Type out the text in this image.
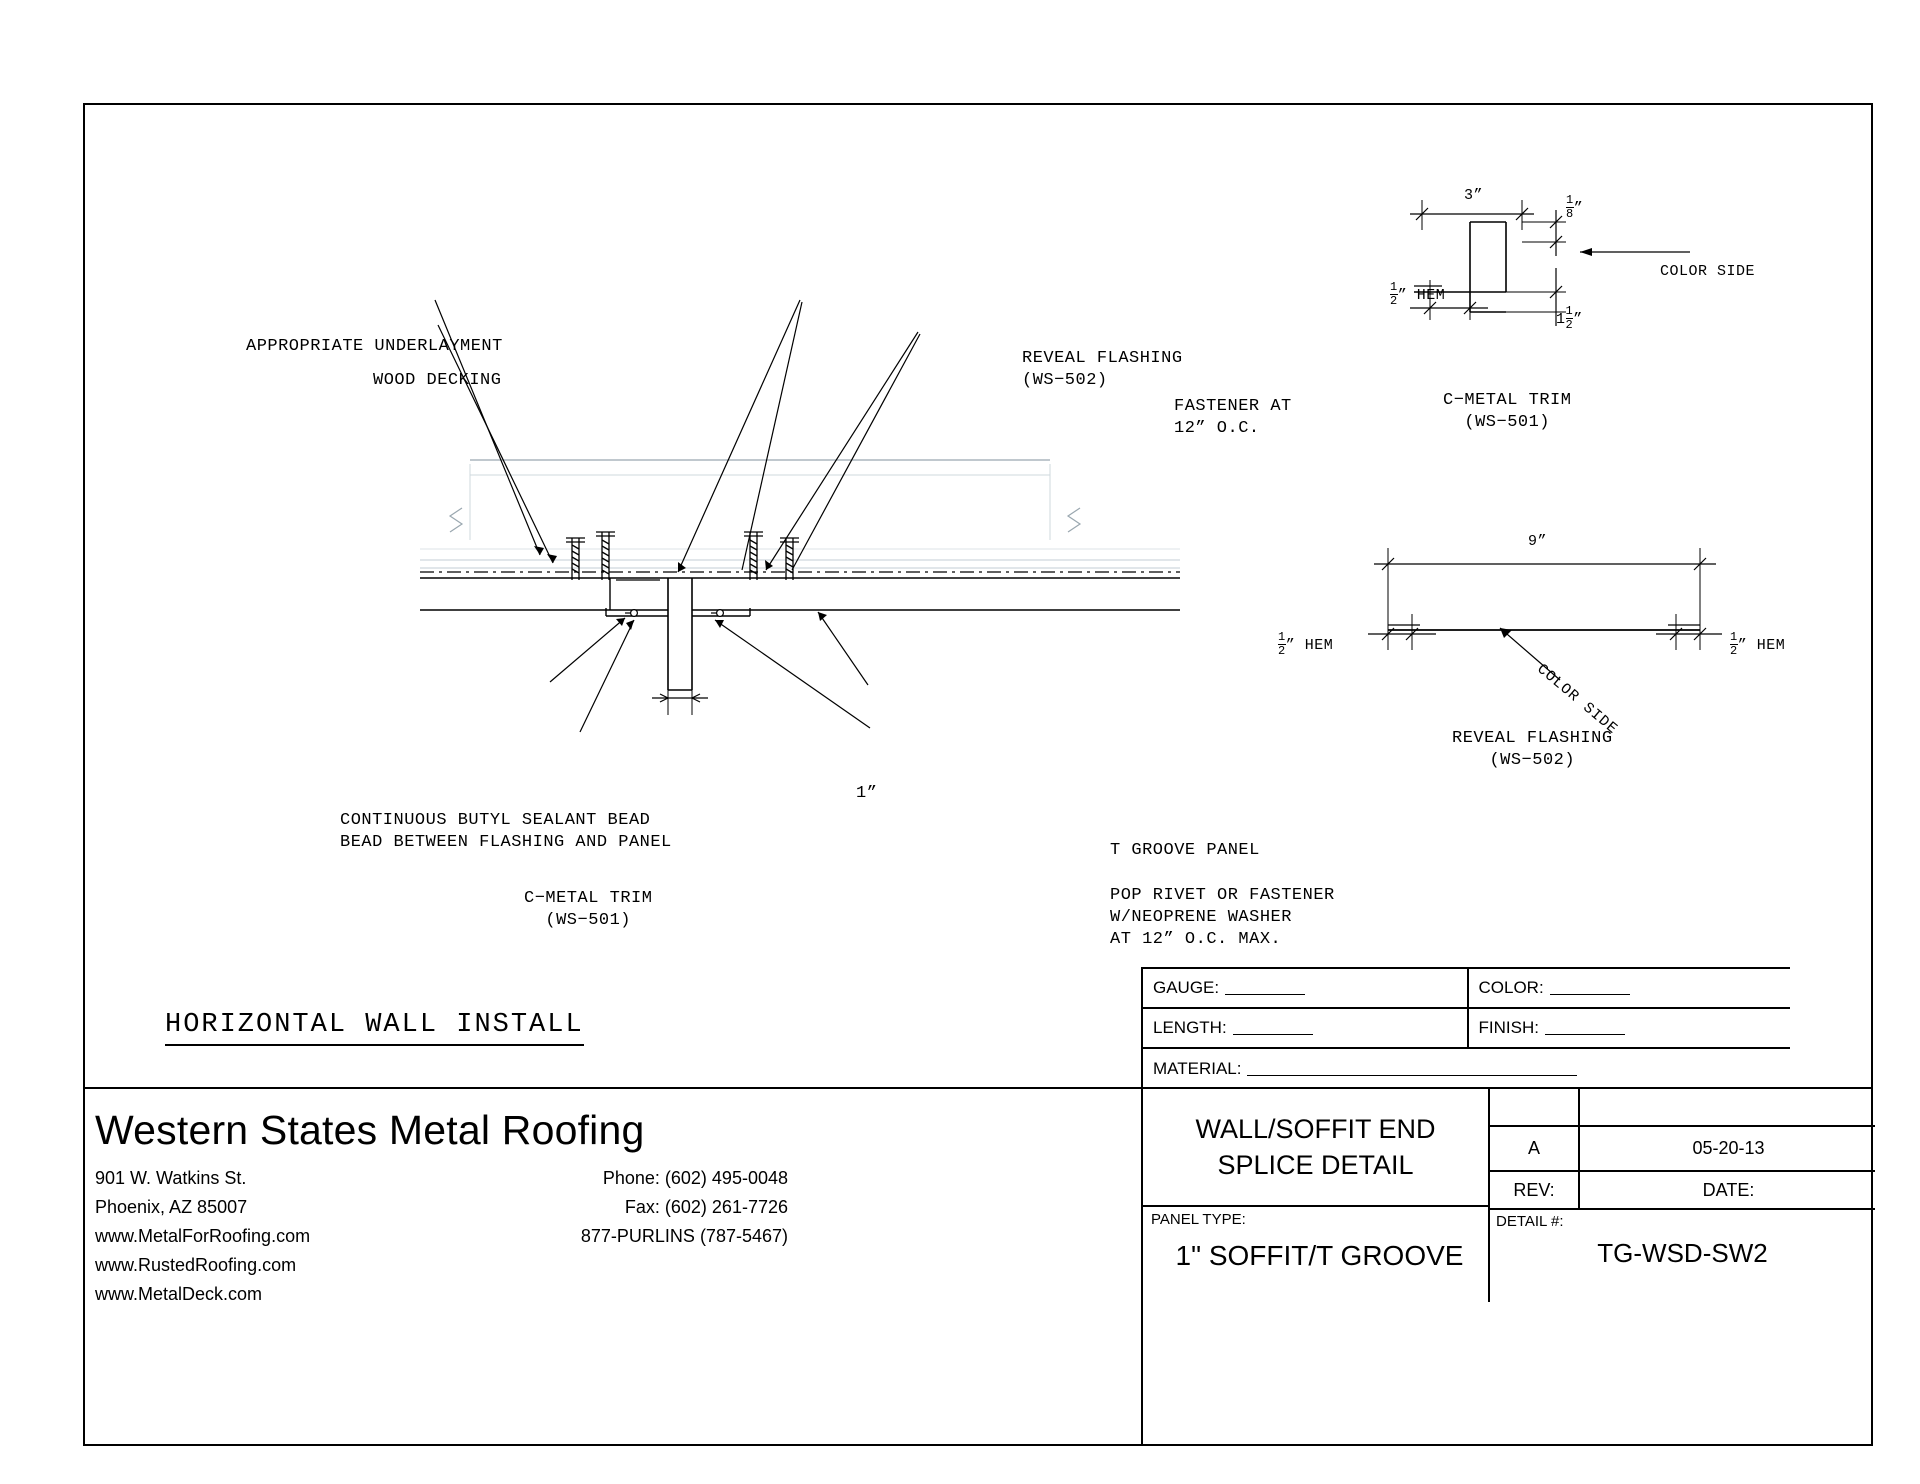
APPROPRIATE UNDERLAYMENT
WOOD DECKING
REVEAL FLASHING
(WS−502)
FASTENER AT
12” O.C.
CONTINUOUS BUTYL SEALANT BEAD
BEAD BETWEEN FLASHING AND PANEL
C−METAL TRIM
(WS−501)
T GROOVE PANEL
POP RIVET OR FASTENER
W/NEOPRENE WASHER
AT 12” O.C. MAX.
1”
3”	$\frac{1}{8}$ ”
$1 \frac{1}{2}$ ”
$\frac{1}{2}$ ” HEM
COLOR SIDE
C−METAL TRIM
(WS−501)
9”
$\frac{1}{2}$ ” HEM	$\frac{1}{2}$ ” HEM
COLOR SIDE
REVEAL FLASHING
(WS−502)
HORIZONTAL WALL INSTALL
GAUGE:	COLOR:
LENGTH:	FINISH:
MATERIAL:
Western States Metal Roofing
901 W. Watkins St.
Phoenix, AZ 85007
www.MetalForRoofing.com
www.RustedRoofing.com
www.MetalDeck.com
Phone: (602) 495-0048
Fax: (602) 261-7726
877-PURLINS (787-5467)
WALL/SOFFIT END
SPLICE DETAIL
PANEL TYPE:
1" SOFFIT/T GROOVE
A	05-20-13
REV:	DATE:
DETAIL #:
TG-WSD-SW2
